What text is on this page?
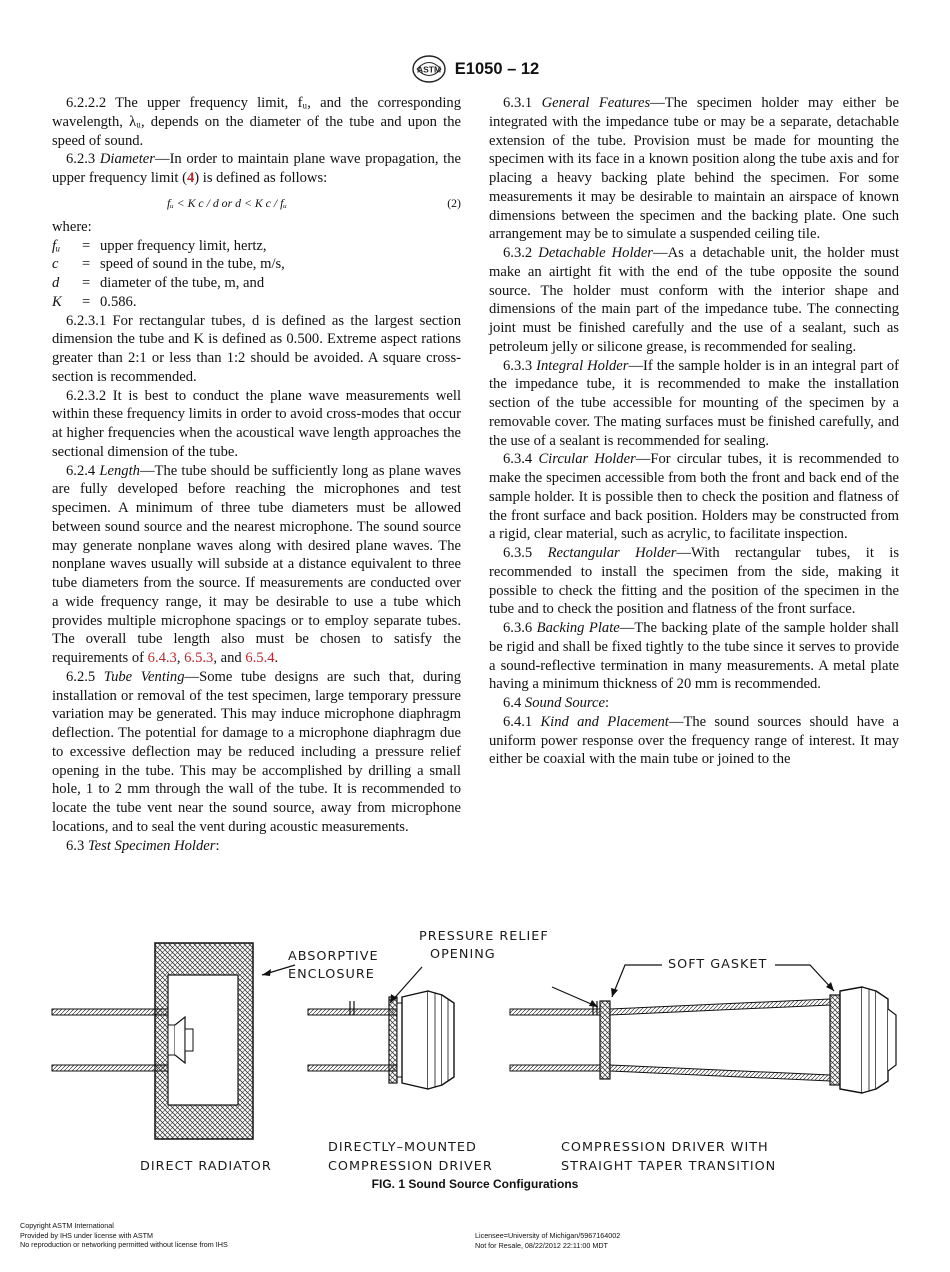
ASTM E1050 – 12

6.2.2.2 The upper frequency limit, fᵤ, and the corresponding wavelength, λᵤ, depends on the diameter of the tube and upon the speed of sound.

6.2.3 Diameter—In order to maintain plane wave propagation, the upper frequency limit (4) is defined as follows:

fᵤ < K c / d or d < K c / fᵤ	(2)
where:
fᵤ	= upper frequency limit, hertz,
c	= speed of sound in the tube, m/s,
d	= diameter of the tube, m, and
K	= 0.586.

6.2.3.1 For rectangular tubes, d is defined as the largest section dimension the tube and K is defined as 0.500. Extreme aspect rations greater than 2:1 or less than 1:2 should be avoided. A square cross-section is recommended.

6.2.3.2 It is best to conduct the plane wave measurements well within these frequency limits in order to avoid cross-modes that occur at higher frequencies when the acoustical wave length approaches the sectional dimension of the tube.

6.2.4 Length—The tube should be sufficiently long as plane waves are fully developed before reaching the microphones and test specimen. A minimum of three tube diameters must be allowed between sound source and the nearest microphone. The sound source may generate nonplane waves along with desired plane waves. The nonplane waves usually will subside at a distance equivalent to three tube diameters from the source. If measurements are conducted over a wide frequency range, it may be desirable to use a tube which provides multiple microphone spacings or to employ separate tubes. The overall tube length also must be chosen to satisfy the requirements of 6.4.3, 6.5.3, and 6.5.4.

6.2.5 Tube Venting—Some tube designs are such that, during installation or removal of the test specimen, large temporary pressure variation may be generated. This may induce microphone diaphragm deflection. The potential for damage to a microphone diaphragm due to excessive deflection may be reduced including a pressure relief opening in the tube. This may be accomplished by drilling a small hole, 1 to 2 mm through the wall of the tube. It is recommended to locate the tube vent near the sound source, away from microphone locations, and to seal the vent during acoustic measurements.

6.3 Test Specimen Holder:

6.3.1 General Features—The specimen holder may either be integrated with the impedance tube or may be a separate, detachable extension of the tube. Provision must be made for mounting the specimen with its face in a known position along the tube axis and for placing a heavy backing plate behind the specimen. For some measurements it may be desirable to maintain an airspace of known dimensions between the specimen and the backing plate. One such arrangement may be to simulate a suspended ceiling tile.

6.3.2 Detachable Holder—As a detachable unit, the holder must make an airtight fit with the end of the tube opposite the sound source. The holder must conform with the interior shape and dimensions of the main part of the impedance tube. The connecting joint must be finished carefully and the use of a sealant, such as petroleum jelly or silicone grease, is recommended for sealing.

6.3.3 Integral Holder—If the sample holder is in an integral part of the impedance tube, it is recommended to make the installation section of the tube accessible for mounting of the specimen by a removable cover. The mating surfaces must be finished carefully, and the use of a sealant is recommended for sealing.

6.3.4 Circular Holder—For circular tubes, it is recommended to make the specimen accessible from both the front and back end of the sample holder. It is possible then to check the position and flatness of the front surface and back position. Holders may be constructed from a rigid, clear material, such as acrylic, to facilitate inspection.

6.3.5 Rectangular Holder—With rectangular tubes, it is recommended to install the specimen from the side, making it possible to check the fitting and the position of the specimen in the tube and to check the position and flatness of the front surface.

6.3.6 Backing Plate—The backing plate of the sample holder shall be rigid and shall be fixed tightly to the tube since it serves to provide a sound-reflective termination in many measurements. A metal plate having a minimum thickness of 20 mm is recommended.

6.4 Sound Source:

6.4.1 Kind and Placement—The sound sources should have a uniform power response over the frequency range of interest. It may either be coaxial with the main tube or joined to the

ABSORPTIVE
ENCLOSURE
PRESSURE RELIEF
OPENING
SOFT GASKET
DIRECT RADIATOR
DIRECTLY–MOUNTED
COMPRESSION DRIVER
COMPRESSION DRIVER WITH
STRAIGHT TAPER TRANSITION
FIG. 1 Sound Source Configurations
Copyright ASTM International
Provided by IHS under license with ASTM
No reproduction or networking permitted without license from IHS
Licensee=University of Michigan/5967164002
Not for Resale, 08/22/2012 22:11:00 MDT
